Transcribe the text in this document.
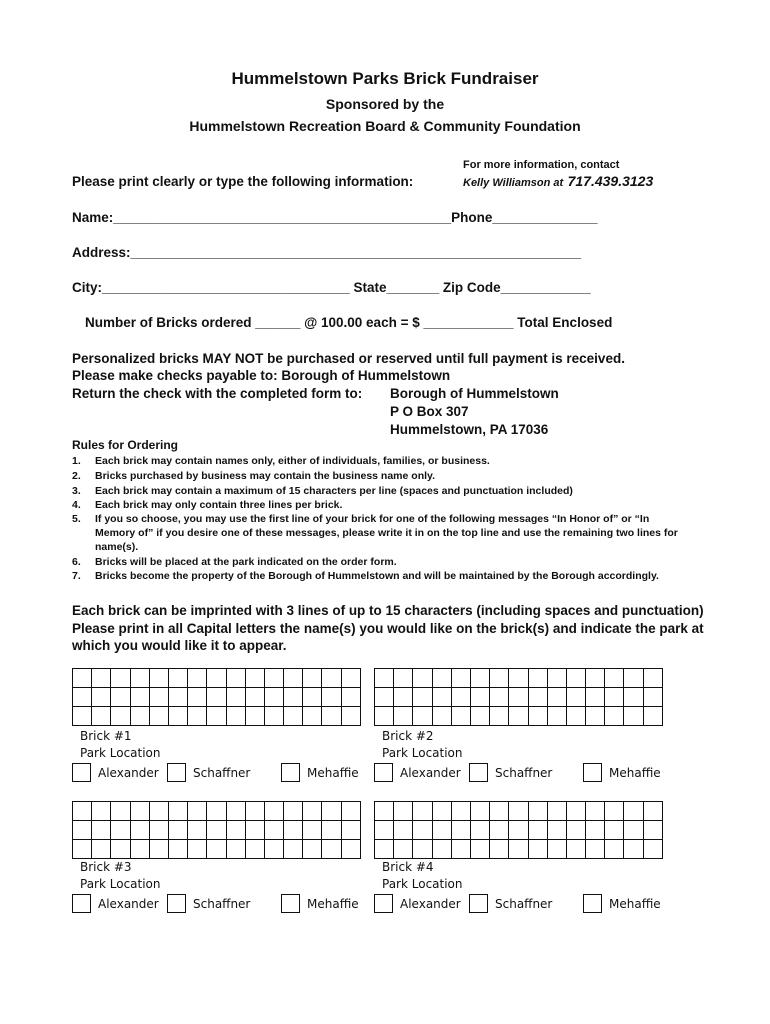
Hummelstown Parks Brick Fundraiser
Sponsored by the
Hummelstown Recreation Board & Community Foundation
For more information, contact
Kelly Williamson at 717.439.3123
Please print clearly or type the following information:
Name:_____________________________________________Phone______________
Address:____________________________________________________________
City:_________________________________ State_______ Zip Code____________
Number of Bricks ordered ______ @ 100.00 each = $ ____________ Total Enclosed
Personalized bricks MAY NOT be purchased or reserved until full payment is received.
Please make checks payable to: Borough of Hummelstown
Return the check with the completed form to: Borough of Hummelstown
P O Box 307
Hummelstown, PA 17036
Rules for Ordering
1. Each brick may contain names only, either of individuals, families, or business.
2. Bricks purchased by business may contain the business name only.
3. Each brick may contain a maximum of 15 characters per line (spaces and punctuation included)
4. Each brick may only contain three lines per brick.
5. If you so choose, you may use the first line of your brick for one of the following messages “In Honor of” or “In
Memory of” if you desire one of these messages, please write it in on the top line and use the remaining two lines for
name(s).
6. Bricks will be placed at the park indicated on the order form.
7. Bricks become the property of the Borough of Hummelstown and will be maintained by the Borough accordingly.
Each brick can be imprinted with 3 lines of up to 15 characters (including spaces and punctuation)
Please print in all Capital letters the name(s) you would like on the brick(s) and indicate the park at
which you would like it to appear.
Brick #1
Park Location
Alexander	Schaffner	Mehaffie
Brick #2
Park Location
Alexander	Schaffner	Mehaffie
Brick #3
Park Location
Alexander	Schaffner	Mehaffie
Brick #4
Park Location
Alexander	Schaffner	Mehaffie
